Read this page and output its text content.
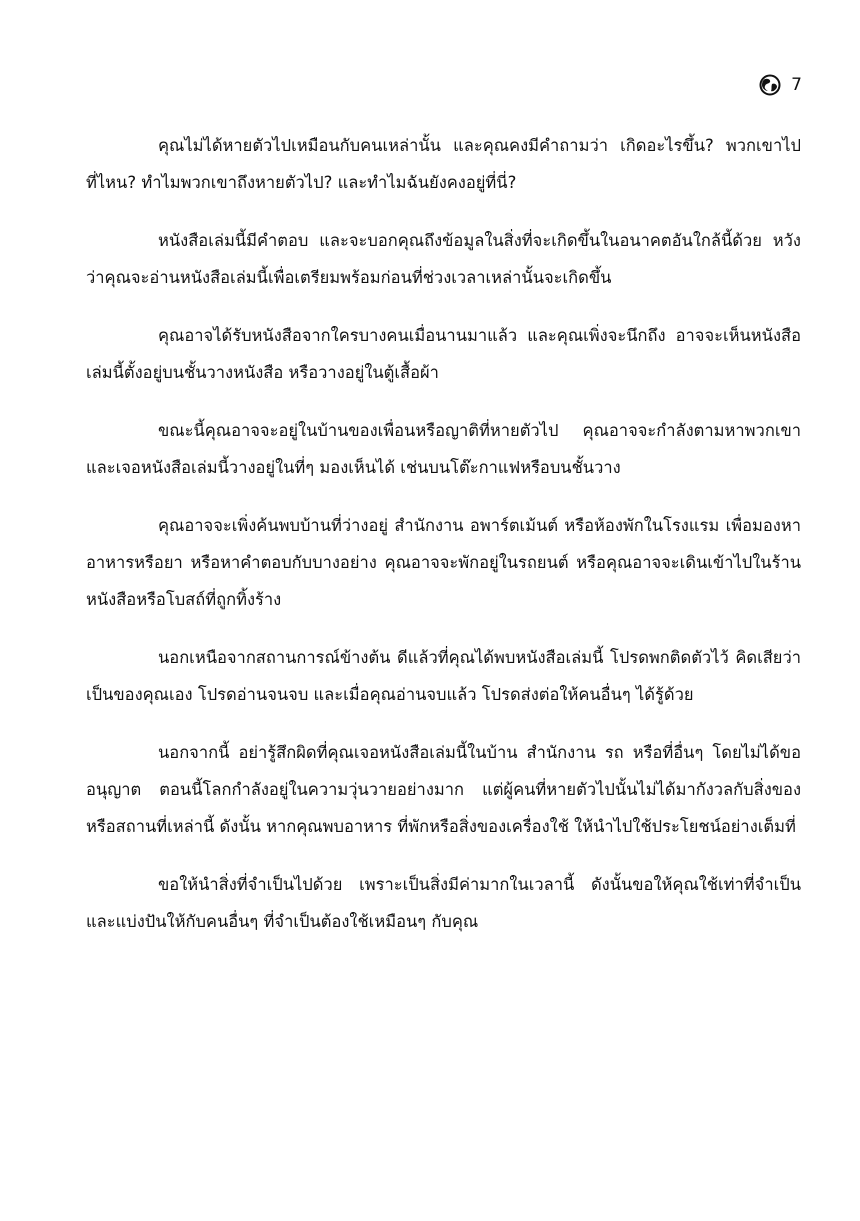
7

คุณไม่ได้หายตัวไปเหมือนกับคนเหล่านั้น และคุณคงมีคำถามว่า เกิดอะไรขึ้น? พวกเขาไปที่ไหน? ทำไมพวกเขาถึงหายตัวไป? และทำไมฉันยังคงอยู่ที่นี่?

หนังสือเล่มนี้มีคำตอบ และจะบอกคุณถึงข้อมูลในสิ่งที่จะเกิดขึ้นในอนาคตอันใกล้นี้ด้วย หวังว่าคุณจะอ่านหนังสือเล่มนี้เพื่อเตรียมพร้อมก่อนที่ช่วงเวลาเหล่านั้นจะเกิดขึ้น

คุณอาจได้รับหนังสือจากใครบางคนเมื่อนานมาแล้ว และคุณเพิ่งจะนึกถึง อาจจะเห็นหนังสือเล่มนี้ตั้งอยู่บนชั้นวางหนังสือ หรือวางอยู่ในตู้เสื้อผ้า

ขณะนี้คุณอาจจะอยู่ในบ้านของเพื่อนหรือญาติที่หายตัวไป คุณอาจจะกำลังตามหาพวกเขาและเจอหนังสือเล่มนี้วางอยู่ในที่ๆ มองเห็นได้ เช่นบนโต๊ะกาแฟหรือบนชั้นวาง

คุณอาจจะเพิ่งค้นพบบ้านที่ว่างอยู่ สำนักงาน อพาร์ตเม้นต์ หรือห้องพักในโรงแรม เพื่อมองหาอาหารหรือยา หรือหาคำตอบกับบางอย่าง คุณอาจจะพักอยู่ในรถยนต์ หรือคุณอาจจะเดินเข้าไปในร้านหนังสือหรือโบสถ์ที่ถูกทิ้งร้าง

นอกเหนือจากสถานการณ์ข้างต้น ดีแล้วที่คุณได้พบหนังสือเล่มนี้ โปรดพกติดตัวไว้ คิดเสียว่าเป็นของคุณเอง โปรดอ่านจนจบ และเมื่อคุณอ่านจบแล้ว โปรดส่งต่อให้คนอื่นๆ ได้รู้ด้วย

นอกจากนี้ อย่ารู้สึกผิดที่คุณเจอหนังสือเล่มนี้ในบ้าน สำนักงาน รถ หรือที่อื่นๆ โดยไม่ได้ขออนุญาต ตอนนี้โลกกำลังอยู่ในความวุ่นวายอย่างมาก แต่ผู้คนที่หายตัวไปนั้นไม่ได้มากังวลกับสิ่งของหรือสถานที่เหล่านี้ ดังนั้น หากคุณพบอาหาร ที่พักหรือสิ่งของเครื่องใช้ ให้นำไปใช้ประโยชน์อย่างเต็มที่

ขอให้นำสิ่งที่จำเป็นไปด้วย เพราะเป็นสิ่งมีค่ามากในเวลานี้ ดังนั้นขอให้คุณใช้เท่าที่จำเป็นและแบ่งปันให้กับคนอื่นๆ ที่จำเป็นต้องใช้เหมือนๆ กับคุณ
